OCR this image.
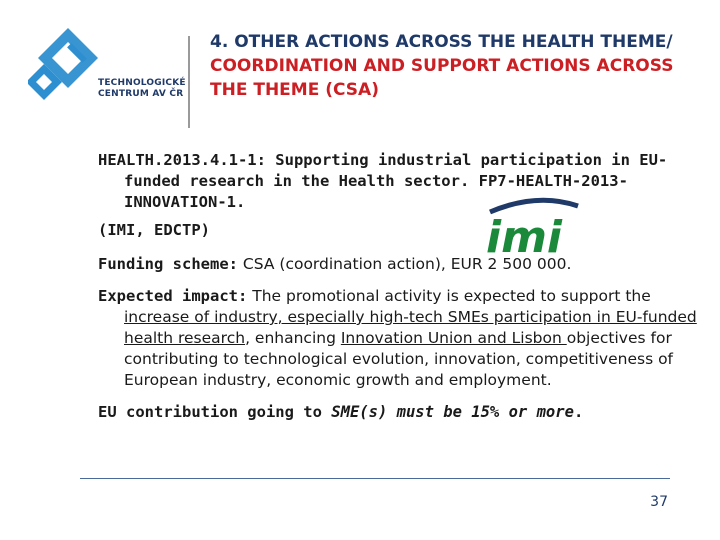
TECHNOLOGICKÉ
CENTRUM AV ČR
4. OTHER ACTIONS ACROSS THE HEALTH THEME/ COORDINATION AND SUPPORT ACTIONS ACROSS THE THEME (CSA)

HEALTH.2013.4.1-1: Supporting industrial participation in EU-funded research in the Health sector. FP7-HEALTH-2013-INNOVATION-1.

(IMI, EDCTP)

Funding scheme: CSA (coordination action), EUR 2 500 000.

Expected impact: The promotional activity is expected to support the increase of industry, especially high-tech SMEs participation in EU-funded health research, enhancing Innovation Union and Lisbon objectives for contributing to technological evolution, innovation, competitiveness of European industry, economic growth and employment.

EU contribution going to SME(s) must be 15% or more.

imi
37
